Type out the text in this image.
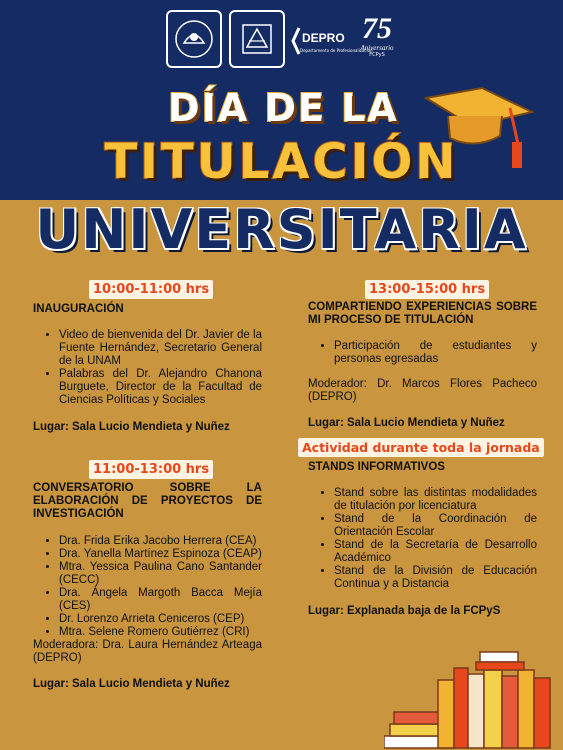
DEPRO
Departamento de Profesionalización
75
Aniversario
FCPyS
DÍA DE LA
TITULACIÓN
UNIVERSITARIA
10:00-11:00 hrs
INAUGURACIÓN
• Video de bienvenida del Dr. Javier de la Fuente Hernández, Secretario General de la UNAM
• Palabras del Dr. Alejandro Chanona Burguete, Director de la Facultad de Ciencias Políticas y Sociales
Lugar: Sala Lucio Mendieta y Nuñez
11:00-13:00 hrs
CONVERSATORIO SOBRE LA ELABORACIÓN DE PROYECTOS DE INVESTIGACIÓN
• Dra. Frida Erika Jacobo Herrera (CEA)
• Dra. Yanella Martínez Espinoza (CEAP)
• Mtra. Yessica Paulina Cano Santander (CECC)
• Dra. Ángela Margoth Bacca Mejía (CES)
• Dr. Lorenzo Arrieta Ceniceros (CEP)
• Mtra. Selene Romero Gutiérrez (CRI)

Moderadora: Dra. Laura Hernández Arteaga (DEPRO)

Lugar: Sala Lucio Mendieta y Nuñez
13:00-15:00 hrs
COMPARTIENDO EXPERIENCIAS SOBRE MI PROCESO DE TITULACIÓN
• Participación de estudiantes y personas egresadas

Moderador: Dr. Marcos Flores Pacheco (DEPRO)

Lugar: Sala Lucio Mendieta y Nuñez
Actividad durante toda la jornada
STANDS INFORMATIVOS
• Stand sobre las distintas modalidades de titulación por licenciatura
• Stand de la Coordinación de Orientación Escolar
• Stand de la Secretaría de Desarrollo Académico
• Stand de la División de Educación Continua y a Distancia
Lugar: Explanada baja de la FCPyS
